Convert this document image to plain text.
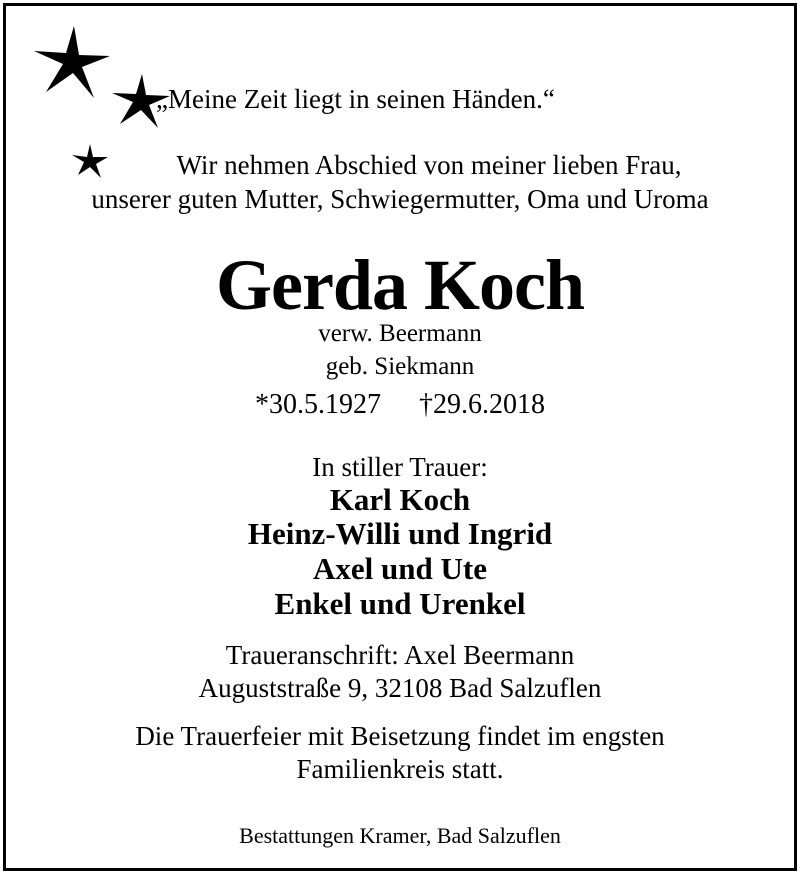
„Meine Zeit liegt in seinen Händen.“
Wir nehmen Abschied von meiner lieben Frau,
unserer guten Mutter, Schwiegermutter, Oma und Uroma
Gerda Koch
verw. Beermann
geb. Siekmann
*30.5.1927 †29.6.2018
In stiller Trauer:
Karl Koch
Heinz-Willi und Ingrid
Axel und Ute
Enkel und Urenkel
Traueranschrift: Axel Beermann
Auguststraße 9, 32108 Bad Salzuflen
Die Trauerfeier mit Beisetzung findet im engsten
Familienkreis statt.
Bestattungen Kramer, Bad Salzuflen
